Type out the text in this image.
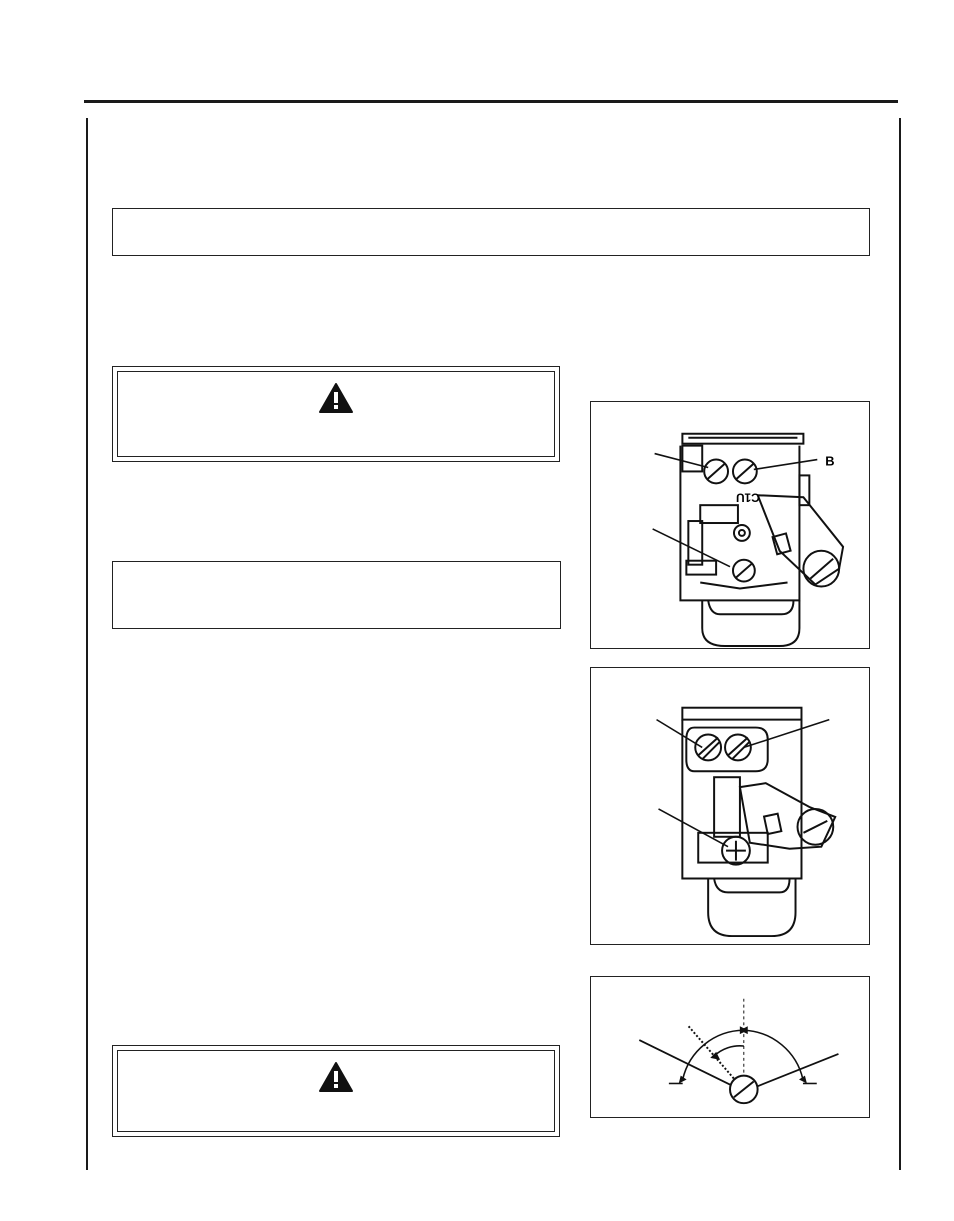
B
C1U
